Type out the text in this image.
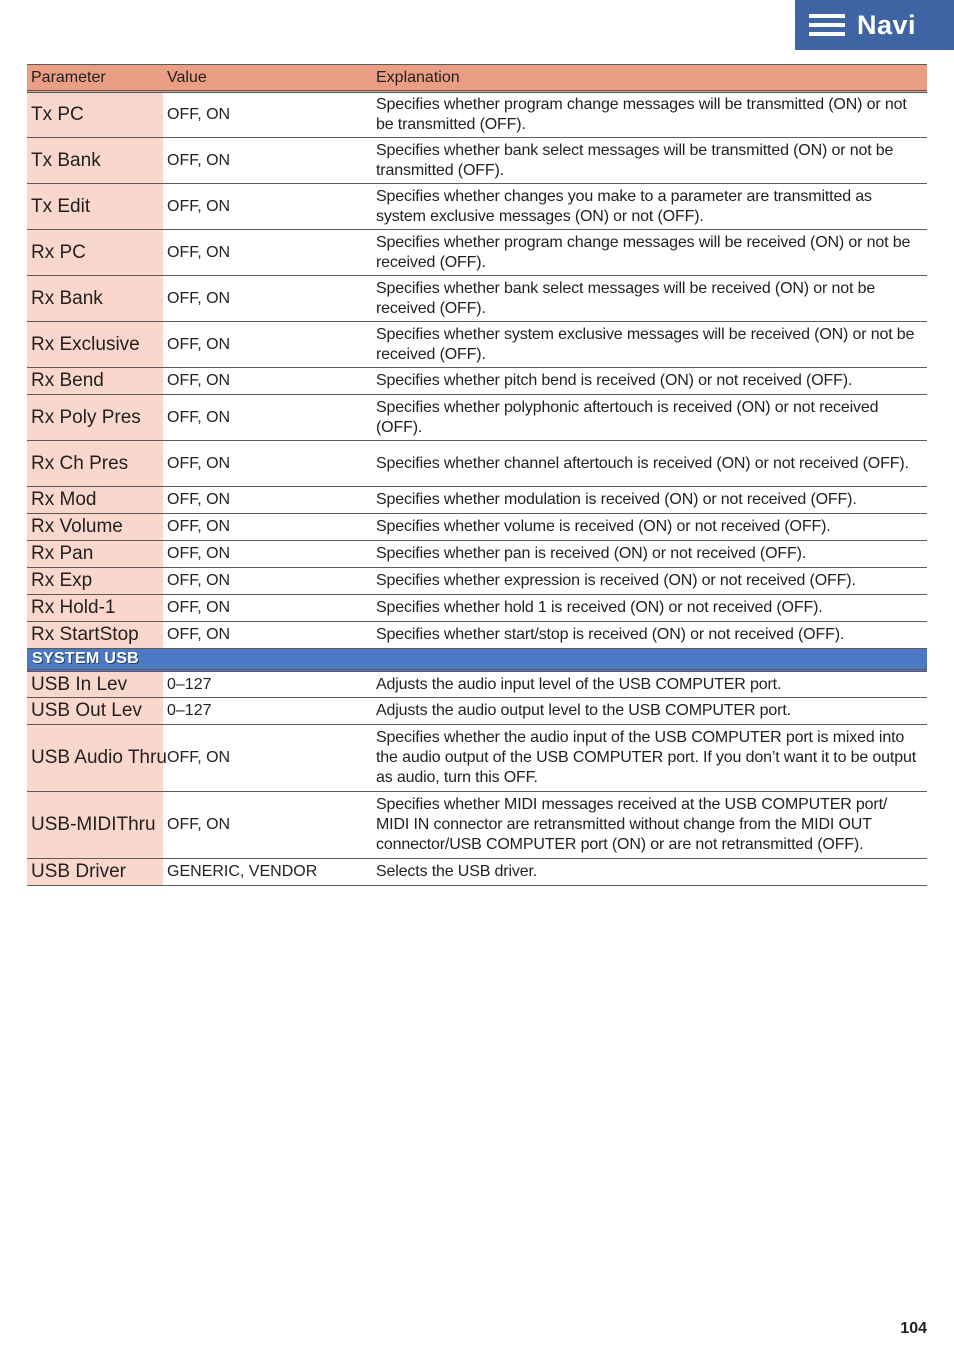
Navi
Parameter	Value	Explanation
Tx PC	OFF, ON	Specifies whether program change messages will be transmitted (ON) or not be transmitted (OFF).
Tx Bank	OFF, ON	Specifies whether bank select messages will be transmitted (ON) or not be transmitted (OFF).
Tx Edit	OFF, ON	Specifies whether changes you make to a parameter are transmitted as system exclusive messages (ON) or not (OFF).
Rx PC	OFF, ON	Specifies whether program change messages will be received (ON) or not be received (OFF).
Rx Bank	OFF, ON	Specifies whether bank select messages will be received (ON) or not be received (OFF).
Rx Exclusive	OFF, ON	Specifies whether system exclusive messages will be received (ON) or not be received (OFF).
Rx Bend	OFF, ON	Specifies whether pitch bend is received (ON) or not received (OFF).
Rx Poly Pres	OFF, ON	Specifies whether polyphonic aftertouch is received (ON) or not received (OFF).
Rx Ch Pres	OFF, ON	Specifies whether channel aftertouch is received (ON) or not received (OFF).
Rx Mod	OFF, ON	Specifies whether modulation is received (ON) or not received (OFF).
Rx Volume	OFF, ON	Specifies whether volume is received (ON) or not received (OFF).
Rx Pan	OFF, ON	Specifies whether pan is received (ON) or not received (OFF).
Rx Exp	OFF, ON	Specifies whether expression is received (ON) or not received (OFF).
Rx Hold-1	OFF, ON	Specifies whether hold 1 is received (ON) or not received (OFF).
Rx StartStop	OFF, ON	Specifies whether start/stop is received (ON) or not received (OFF).
SYSTEM USB		
USB In Lev	0–127	Adjusts the audio input level of the USB COMPUTER port.
USB Out Lev	0–127	Adjusts the audio output level to the USB COMPUTER port.
USB Audio Thru	OFF, ON	Specifies whether the audio input of the USB COMPUTER port is mixed into the audio output of the USB COMPUTER port. If you don’t want it to be output as audio, turn this OFF.
USB-MIDIThru	OFF, ON	Specifies whether MIDI messages received at the USB COMPUTER port/ MIDI IN connector are retransmitted without change from the MIDI OUT connector/USB COMPUTER port (ON) or are not retransmitted (OFF).
USB Driver	GENERIC, VENDOR	Selects the USB driver.
104
